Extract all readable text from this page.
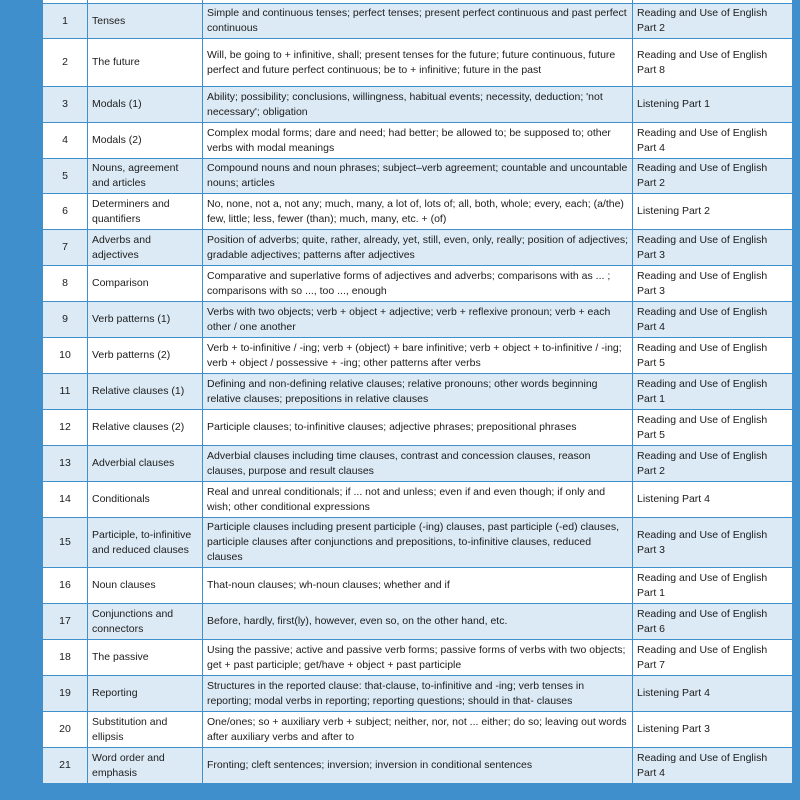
1	Tenses	Simple and continuous tenses; perfect tenses; present perfect continuous and past perfect continuous	Reading and Use of English Part 2
2	The future	Will, be going to + infinitive, shall; present tenses for the future; future continuous, future perfect and future perfect continuous; be to + infinitive; future in the past	Reading and Use of English Part 8
3	Modals (1)	Ability; possibility; conclusions, willingness, habitual events; necessity, deduction; 'not necessary'; obligation	Listening Part 1
4	Modals (2)	Complex modal forms; dare and need; had better; be allowed to; be supposed to; other verbs with modal meanings	Reading and Use of English Part 4
5	Nouns, agreement and articles	Compound nouns and noun phrases; subject–verb agreement; countable and uncountable nouns; articles	Reading and Use of English Part 2
6	Determiners and quantifiers	No, none, not a, not any; much, many, a lot of, lots of; all, both, whole; every, each; (a/the) few, little; less, fewer (than); much, many, etc. + (of)	Listening Part 2
7	Adverbs and adjectives	Position of adverbs; quite, rather, already, yet, still, even, only, really; position of adjectives; gradable adjectives; patterns after adjectives	Reading and Use of English Part 3
8	Comparison	Comparative and superlative forms of adjectives and adverbs; comparisons with as ... ; comparisons with so ..., too ..., enough	Reading and Use of English Part 3
9	Verb patterns (1)	Verbs with two objects; verb + object + adjective; verb + reflexive pronoun; verb + each other / one another	Reading and Use of English Part 4
10	Verb patterns (2)	Verb + to-infinitive / -ing; verb + (object) + bare infinitive; verb + object + to-infinitive / -ing; verb + object / possessive + -ing; other patterns after verbs	Reading and Use of English Part 5
11	Relative clauses (1)	Defining and non-defining relative clauses; relative pronouns; other words beginning relative clauses; prepositions in relative clauses	Reading and Use of English Part 1
12	Relative clauses (2)	Participle clauses; to-infinitive clauses; adjective phrases; prepositional phrases	Reading and Use of English Part 5
13	Adverbial clauses	Adverbial clauses including time clauses, contrast and concession clauses, reason clauses, purpose and result clauses	Reading and Use of English Part 2
14	Conditionals	Real and unreal conditionals; if ... not and unless; even if and even though; if only and wish; other conditional expressions	Listening Part 4
15	Participle, to-infinitive and reduced clauses	Participle clauses including present participle (-ing) clauses, past participle (-ed) clauses, participle clauses after conjunctions and prepositions, to-infinitive clauses, reduced clauses	Reading and Use of English Part 3
16	Noun clauses	That-noun clauses; wh-noun clauses; whether and if	Reading and Use of English Part 1
17	Conjunctions and connectors	Before, hardly, first(ly), however, even so, on the other hand, etc.	Reading and Use of English Part 6
18	The passive	Using the passive; active and passive verb forms; passive forms of verbs with two objects; get + past participle; get/have + object + past participle	Reading and Use of English Part 7
19	Reporting	Structures in the reported clause: that-clause, to-infinitive and -ing; verb tenses in reporting; modal verbs in reporting; reporting questions; should in that- clauses	Listening Part 4
20	Substitution and ellipsis	One/ones; so + auxiliary verb + subject; neither, nor, not ... either; do so; leaving out words after auxiliary verbs and after to	Listening Part 3
21	Word order and emphasis	Fronting; cleft sentences; inversion; inversion in conditional sentences	Reading and Use of English Part 4
